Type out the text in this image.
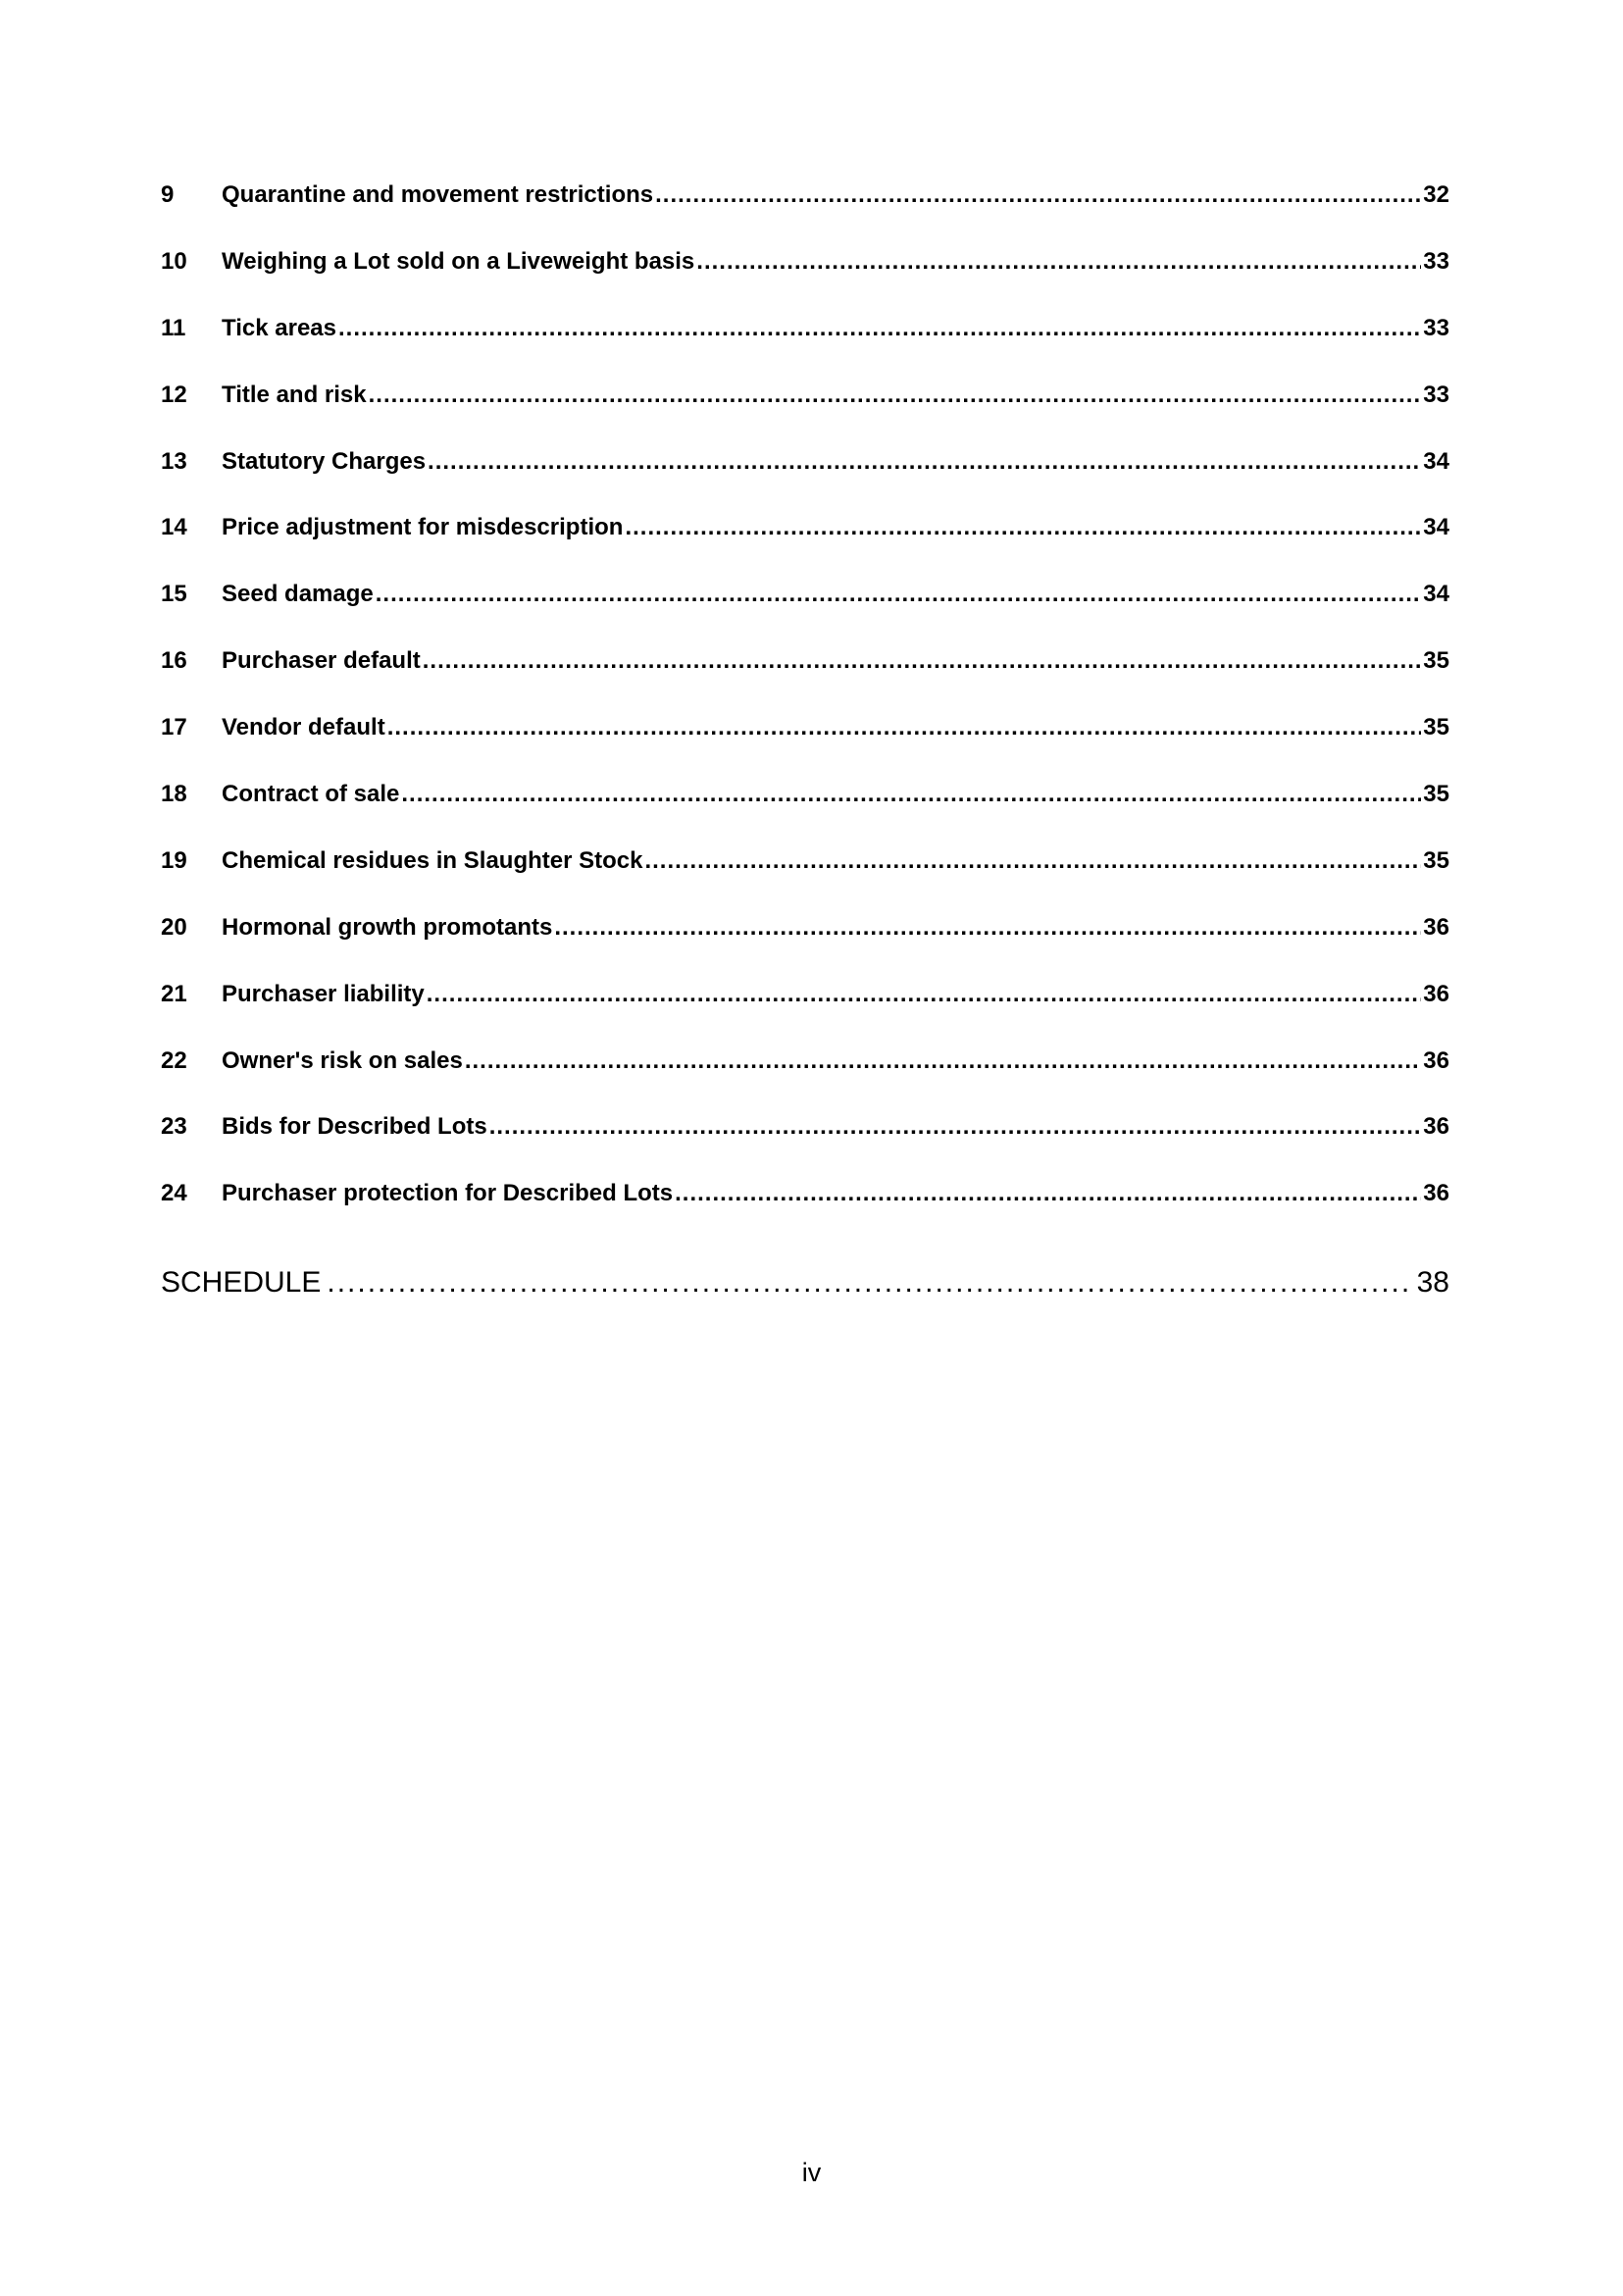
9	Quarantine and movement restrictions .....	32
10	Weighing a Lot sold on a Liveweight basis .....	33
11	Tick areas .....	33
12	Title and risk .....	33
13	Statutory Charges .....	34
14	Price adjustment for misdescription .....	34
15	Seed damage .....	34
16	Purchaser default .....	35
17	Vendor default .....	35
18	Contract of sale .....	35
19	Chemical residues in Slaughter Stock .....	35
20	Hormonal growth promotants .....	36
21	Purchaser liability .....	36
22	Owner's risk on sales .....	36
23	Bids for Described Lots .....	36
24	Purchaser protection for Described Lots .....	36
SCHEDULE .....	38
iv
